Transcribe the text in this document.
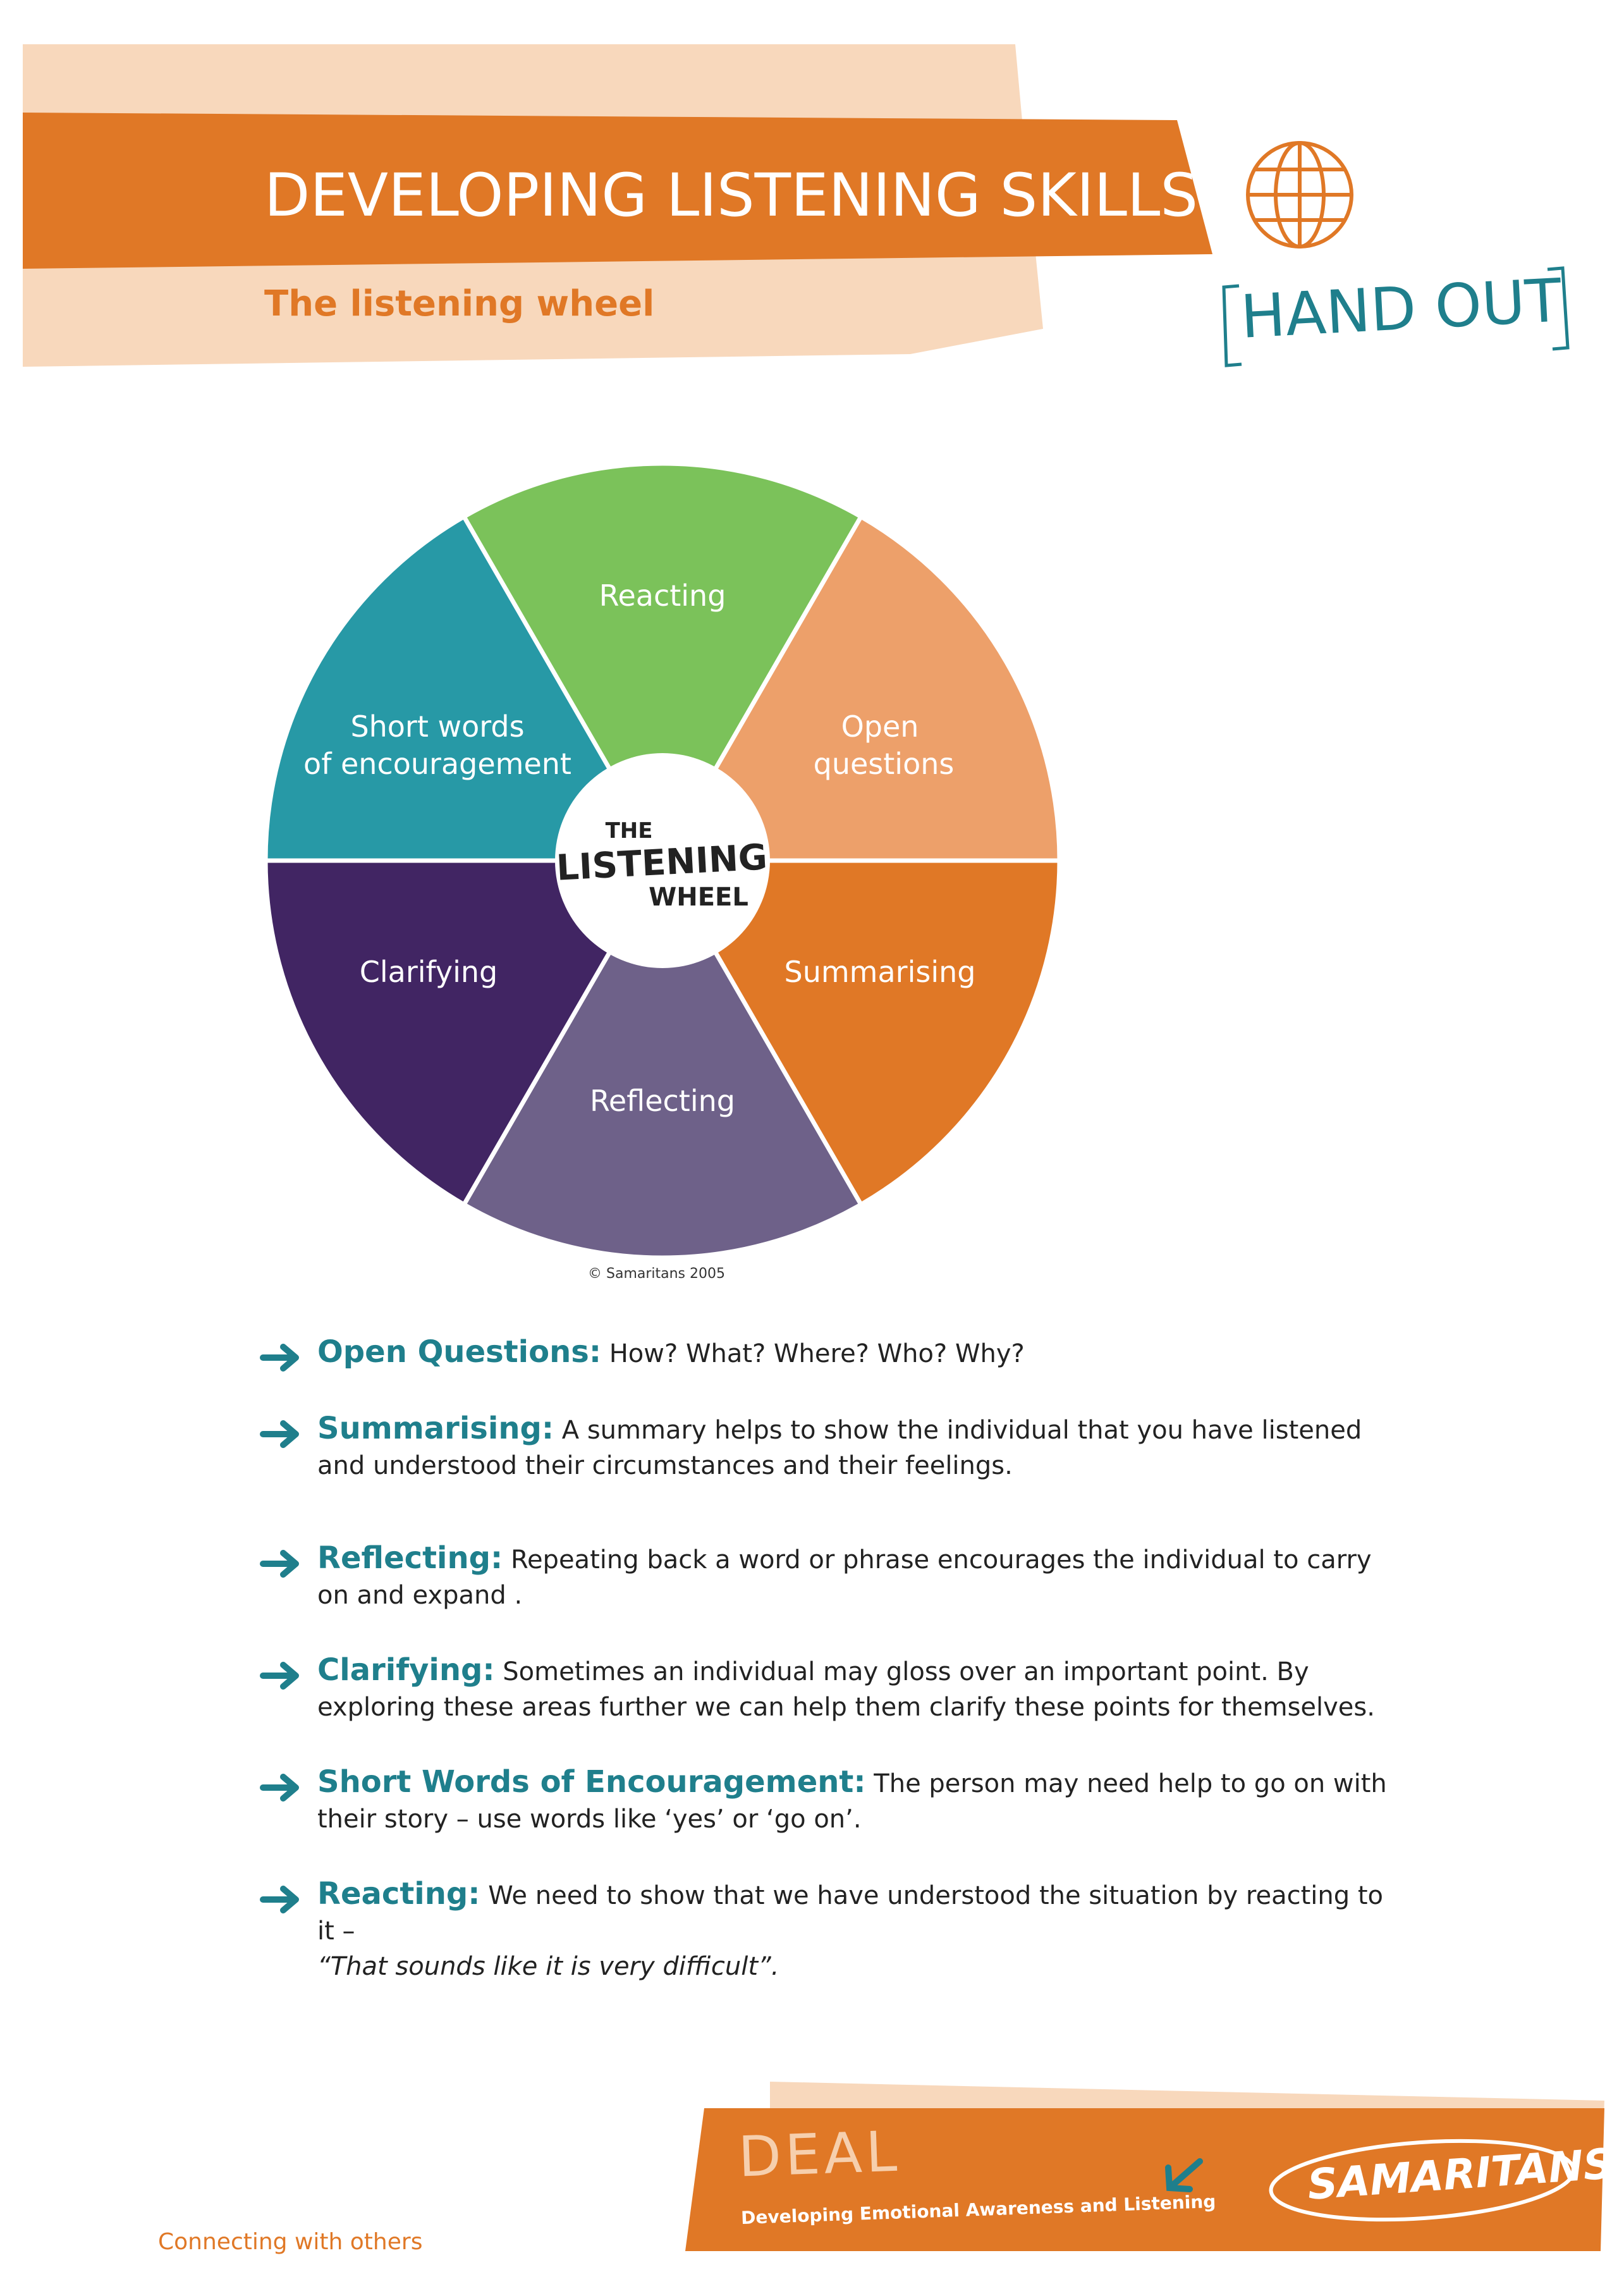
Reacting
Open
questions
Summarising
Reflecting
Clarifying
Short words
of encouragement
THE
LISTENING
WHEEL
DEVELOPING LISTENING SKILLS
The listening wheel	HAND OUT
© Samaritans 2005
Open Questions: How? What? Where? Who? Why?
Summarising: A summary helps to show the individual that you have listened and understood their circumstances and their feelings.
Reflecting: Repeating back a word or phrase encourages the individual to carry on and expand .
Clarifying: Sometimes an individual may gloss over an important point. By exploring these areas further we can help them clarify these points for themselves.
Short Words of Encouragement: The person may need help to go on with their story – use words like ‘yes’ or ‘go on’.
Reacting: We need to show that we have understood the situation by reacting to it –
“That sounds like it is very difficult”.
DEAL
Developing Emotional Awareness and Listening
SAMARITANS
Connecting with others
